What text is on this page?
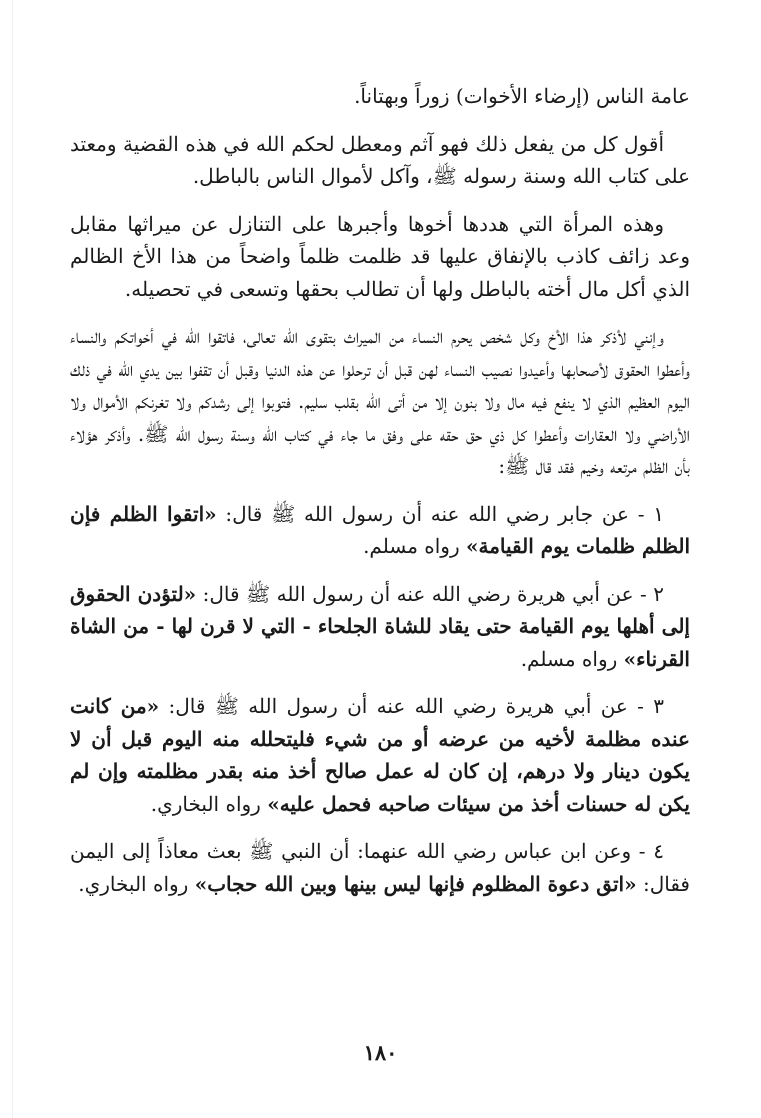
عامة الناس (إرضاء الأخوات) زوراً وبهتاناً.

أقول كل من يفعل ذلك فهو آثم ومعطل لحكم الله في هذه القضية ومعتد على كتاب الله وسنة رسوله ﷺ، وآكل لأموال الناس بالباطل.

وهذه المرأة التي هددها أخوها وأجبرها على التنازل عن ميراثها مقابل وعد زائف كاذب بالإنفاق عليها قد ظلمت ظلماً واضحاً من هذا الأخ الظالم الذي أكل مال أخته بالباطل ولها أن تطالب بحقها وتسعى في تحصيله.

وإنني لأذكر هذا الأخ وكل شخص يحرم النساء من الميراث بتقوى الله تعالى، فاتقوا الله في أخواتكم والنساء وأعطوا الحقوق لأصحابها وأعيدوا نصيب النساء لهن قبل أن ترحلوا عن هذه الدنيا وقبل أن تقفوا بين يدي الله في ذلك اليوم العظيم الذي لا ينفع فيه مال ولا بنون إلا من أتى الله بقلب سليم. فتوبوا إلى رشدكم ولا تغرنكم الأموال ولا الأراضي ولا العقارات وأعطوا كل ذي حق حقه على وفق ما جاء في كتاب الله وسنة رسول الله ﷺ. وأذكر هؤلاء بأن الظلم مرتعه وخيم فقد قال ﷺ:

١ - عن جابر رضي الله عنه أن رسول الله ﷺ قال: «اتقوا الظلم فإن الظلم ظلمات يوم القيامة» رواه مسلم.

٢ - عن أبي هريرة رضي الله عنه أن رسول الله ﷺ قال: «لتؤدن الحقوق إلى أهلها يوم القيامة حتى يقاد للشاة الجلحاء - التي لا قرن لها - من الشاة القرناء» رواه مسلم.

٣ - عن أبي هريرة رضي الله عنه أن رسول الله ﷺ قال: «من كانت عنده مظلمة لأخيه من عرضه أو من شيء فليتحلله منه اليوم قبل أن لا يكون دينار ولا درهم، إن كان له عمل صالح أخذ منه بقدر مظلمته وإن لم يكن له حسنات أخذ من سيئات صاحبه فحمل عليه» رواه البخاري.

٤ - وعن ابن عباس رضي الله عنهما: أن النبي ﷺ بعث معاذاً إلى اليمن فقال: «اتق دعوة المظلوم فإنها ليس بينها وبين الله حجاب» رواه البخاري.

١٨٠
